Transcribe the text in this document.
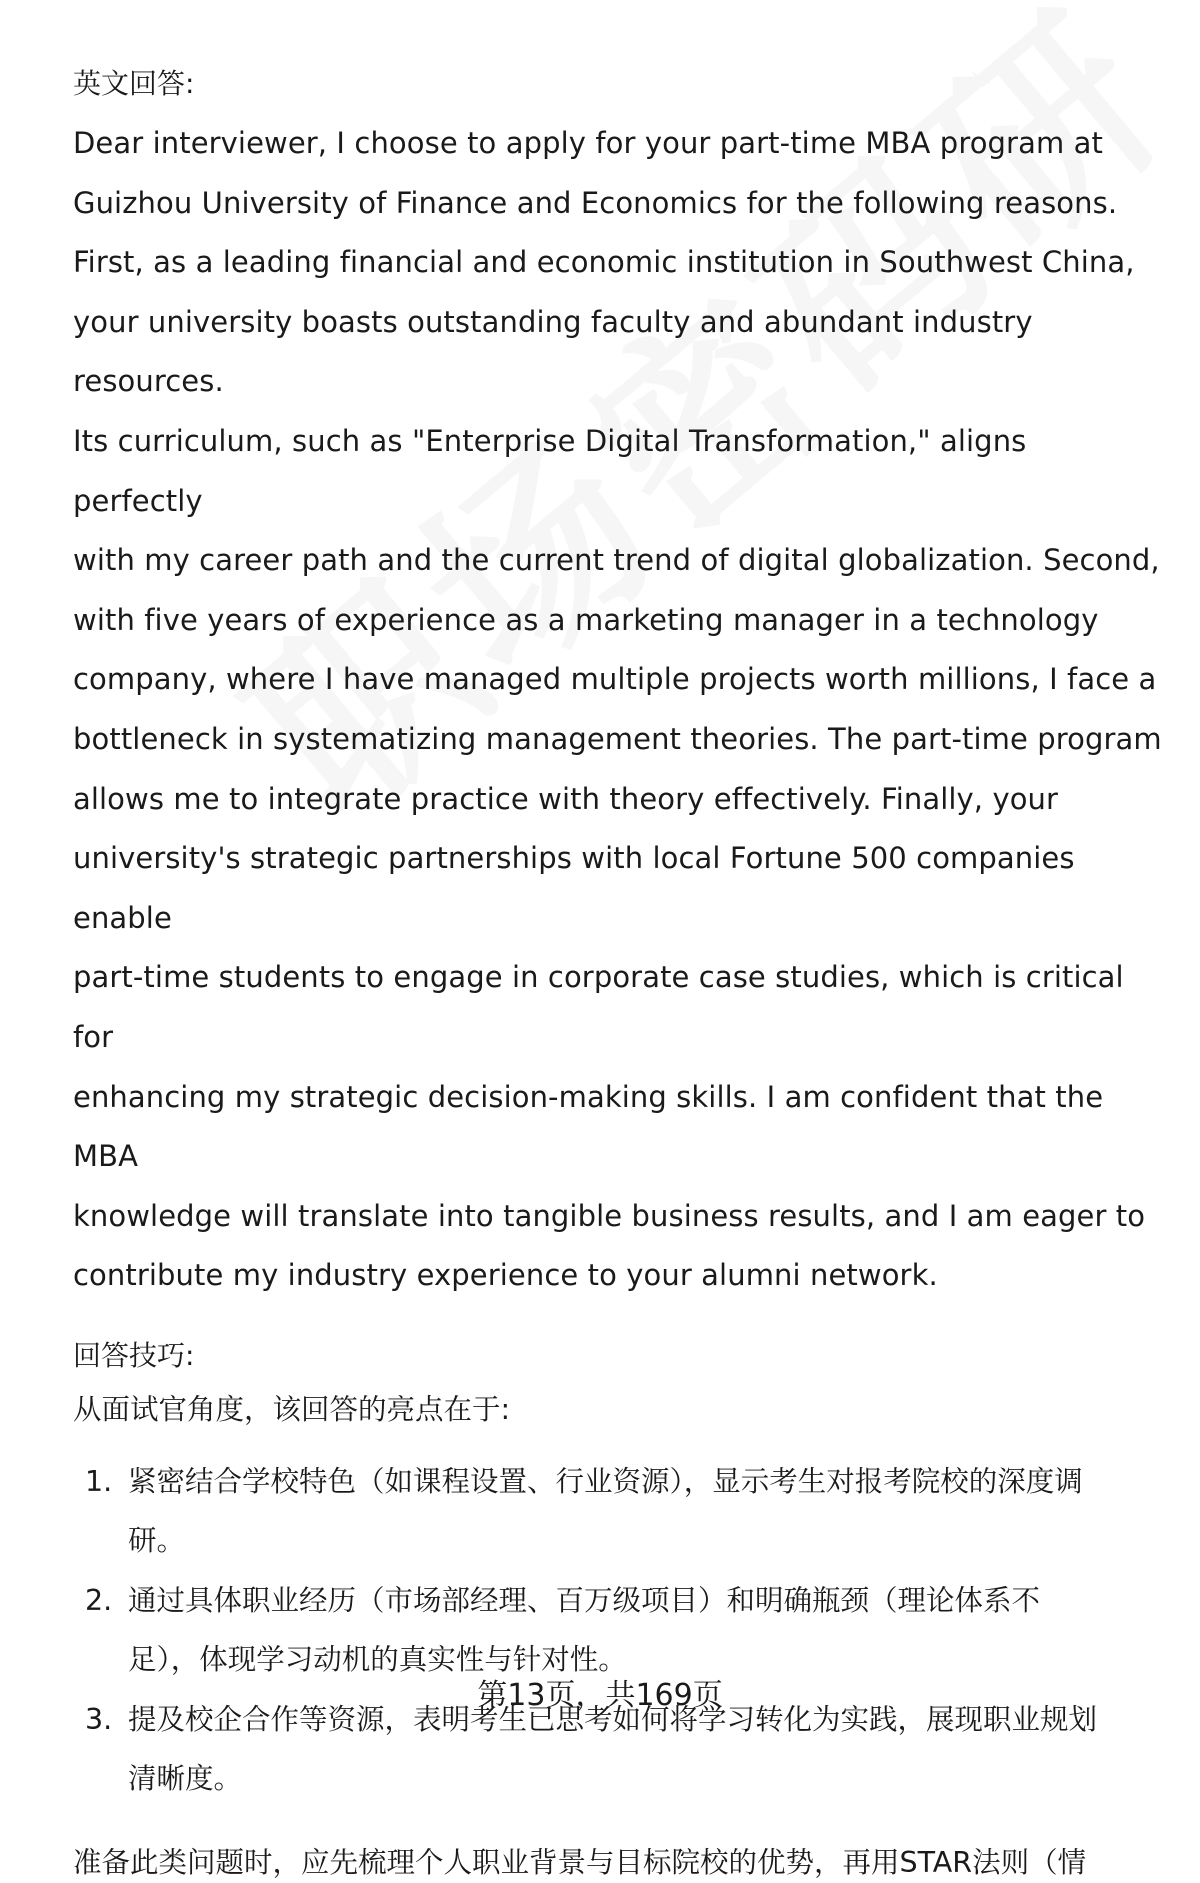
英文回答:

Dear interviewer, I choose to apply for your part-time MBA program at

Guizhou University of Finance and Economics for the following reasons.

First, as a leading financial and economic institution in Southwest China,

your university boasts outstanding faculty and abundant industry resources.

Its curriculum, such as "Enterprise Digital Transformation," aligns perfectly

with my career path and the current trend of digital globalization. Second,

with five years of experience as a marketing manager in a technology

company, where I have managed multiple projects worth millions, I face a

bottleneck in systematizing management theories. The part-time program

allows me to integrate practice with theory effectively. Finally, your

university's strategic partnerships with local Fortune 500 companies enable

part-time students to engage in corporate case studies, which is critical for

enhancing my strategic decision-making skills. I am confident that the MBA

knowledge will translate into tangible business results, and I am eager to

contribute my industry experience to your alumni network.

回答技巧:

从面试官角度，该回答的亮点在于:

1. 紧密结合学校特色（如课程设置、行业资源），显示考生对报考院校的深度调
研。
2. 通过具体职业经历（市场部经理、百万级项目）和明确瓶颈（理论体系不
足），体现学习动机的真实性与针对性。
3. 提及校企合作等资源，表明考生已思考如何将学习转化为实践，展现职业规划
清晰度。

准备此类问题时，应先梳理个人职业背景与目标院校的优势，再用STAR法则（情

第13页，共169页
